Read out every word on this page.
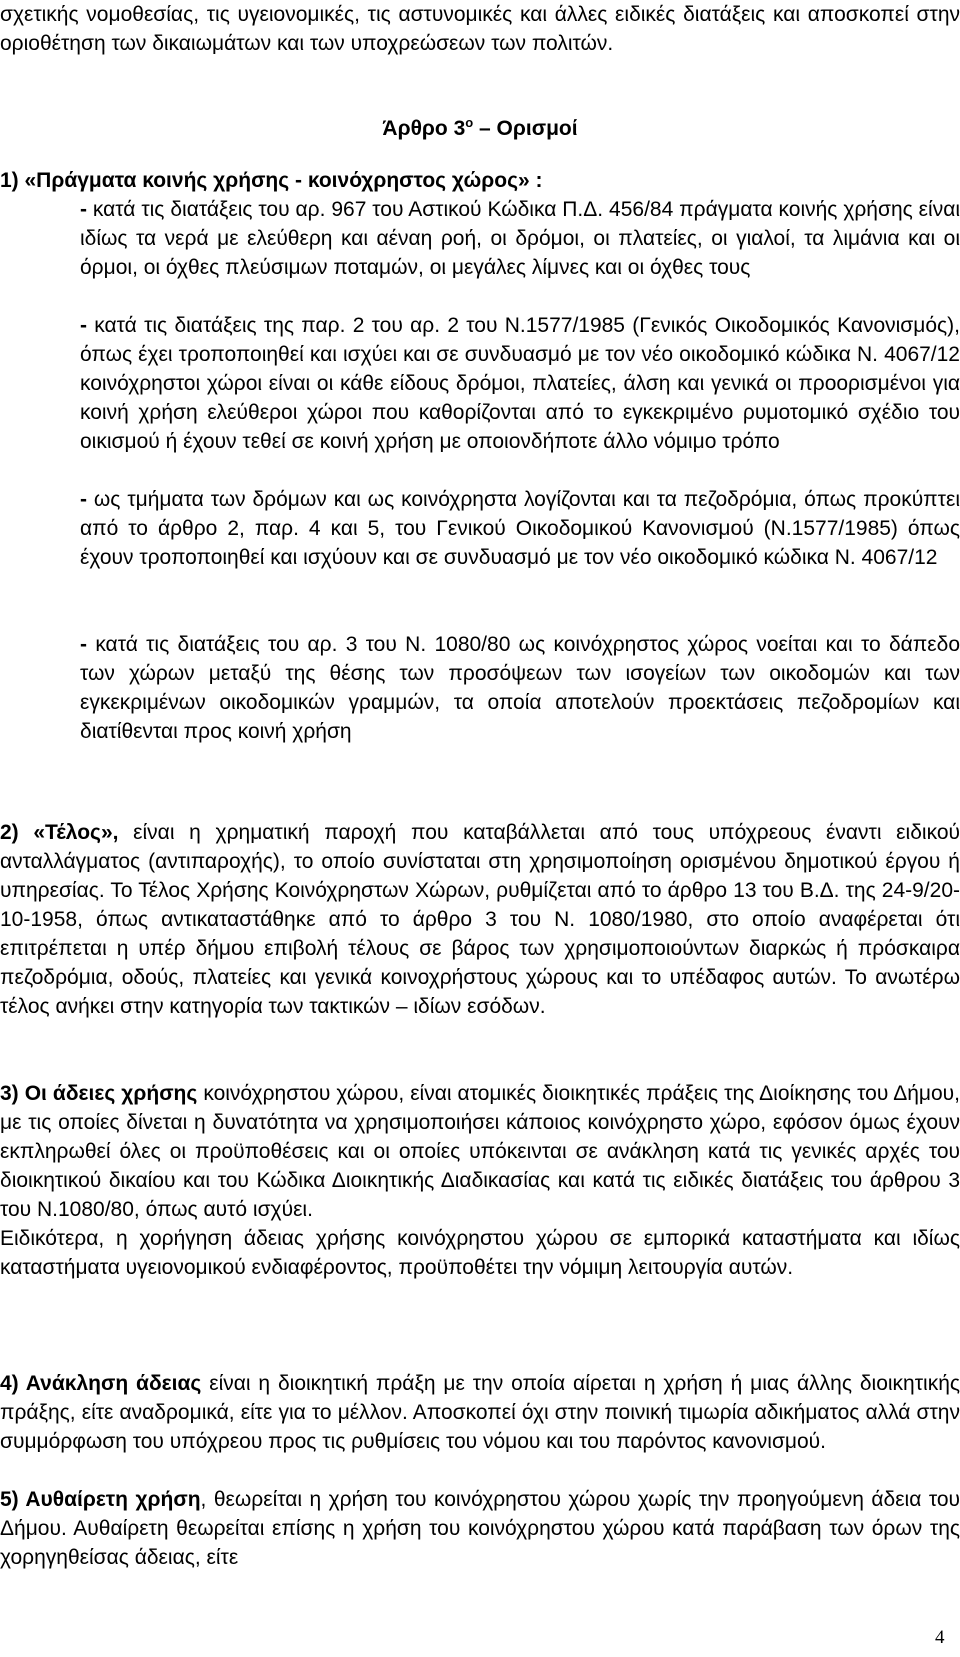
σχετικής νομοθεσίας, τις υγειονομικές, τις αστυνομικές και άλλες ειδικές διατάξεις και αποσκοπεί στην οριοθέτηση των δικαιωμάτων και των υποχρεώσεων των πολιτών.

Άρθρο $3^o$ – Ορισμοί

1) «Πράγματα κοινής χρήσης - κοινόχρηστος χώρος» :

- κατά τις διατάξεις του αρ. 967 του Αστικού Κώδικα Π.Δ. 456/84 πράγματα κοινής χρήσης είναι ιδίως τα νερά με ελεύθερη και αέναη ροή, οι δρόμοι, οι πλατείες, οι γιαλοί, τα λιμάνια και οι όρμοι, οι όχθες πλεύσιμων ποταμών, οι μεγάλες λίμνες και οι όχθες τους

- κατά τις διατάξεις της παρ. 2 του αρ. 2 του Ν.1577/1985 (Γενικός Οικοδομικός Κανονισμός), όπως έχει τροποποιηθεί και ισχύει και σε συνδυασμό με τον νέο οικοδομικό κώδικα Ν. 4067/12 κοινόχρηστοι χώροι είναι οι κάθε είδους δρόμοι, πλατείες, άλση και γενικά οι προορισμένοι για κοινή χρήση ελεύθεροι χώροι που καθορίζονται από το εγκεκριμένο ρυμοτομικό σχέδιο του οικισμού ή έχουν τεθεί σε κοινή χρήση με οποιονδήποτε άλλο νόμιμο τρόπο

- ως τμήματα των δρόμων και ως κοινόχρηστα λογίζονται και τα πεζοδρόμια, όπως προκύπτει από το άρθρο 2, παρ. 4 και 5, του Γενικού Οικοδομικού Κανονισμού (Ν.1577/1985) όπως έχουν τροποποιηθεί και ισχύουν και σε συνδυασμό με τον νέο οικοδομικό κώδικα Ν. 4067/12

- κατά τις διατάξεις του αρ. 3 του Ν. 1080/80 ως κοινόχρηστος χώρος νοείται και το δάπεδο των χώρων μεταξύ της θέσης των προσόψεων των ισογείων των οικοδομών και των εγκεκριμένων οικοδομικών γραμμών, τα οποία αποτελούν προεκτάσεις πεζοδρομίων και διατίθενται προς κοινή χρήση

2) «Τέλος», είναι η χρηματική παροχή που καταβάλλεται από τους υπόχρεους έναντι ειδικού ανταλλάγματος (αντιπαροχής), το οποίο συνίσταται στη χρησιμοποίηση ορισμένου δημοτικού έργου ή υπηρεσίας. Το Τέλος Χρήσης Κοινόχρηστων Χώρων, ρυθμίζεται από το άρθρο 13 του Β.Δ. της 24-9/20-10-1958, όπως αντικαταστάθηκε από το άρθρο 3 του Ν. 1080/1980, στο οποίο αναφέρεται ότι επιτρέπεται η υπέρ δήμου επιβολή τέλους σε βάρος των χρησιμοποιούντων διαρκώς ή πρόσκαιρα πεζοδρόμια, οδούς, πλατείες και γενικά κοινοχρήστους χώρους και το υπέδαφος αυτών. Το ανωτέρω τέλος ανήκει στην κατηγορία των τακτικών – ιδίων εσόδων.

3) Οι άδειες χρήσης κοινόχρηστου χώρου, είναι ατομικές διοικητικές πράξεις της Διοίκησης του Δήμου, με τις οποίες δίνεται η δυνατότητα να χρησιμοποιήσει κάποιος κοινόχρηστο χώρο, εφόσον όμως έχουν εκπληρωθεί όλες οι προϋποθέσεις και οι οποίες υπόκεινται σε ανάκληση κατά τις γενικές αρχές του διοικητικού δικαίου και του Κώδικα Διοικητικής Διαδικασίας και κατά τις ειδικές διατάξεις του άρθρου 3 του Ν.1080/80, όπως αυτό ισχύει.

Ειδικότερα, η χορήγηση άδειας χρήσης κοινόχρηστου χώρου σε εμπορικά καταστήματα και ιδίως καταστήματα υγειονομικού ενδιαφέροντος, προϋποθέτει την νόμιμη λειτουργία αυτών.

4) Ανάκληση άδειας είναι η διοικητική πράξη με την οποία αίρεται η χρήση ή μιας άλλης διοικητικής πράξης, είτε αναδρομικά, είτε για το μέλλον. Αποσκοπεί όχι στην ποινική τιμωρία αδικήματος αλλά στην συμμόρφωση του υπόχρεου προς τις ρυθμίσεις του νόμου και του παρόντος κανονισμού.

5) Αυθαίρετη χρήση, θεωρείται η χρήση του κοινόχρηστου χώρου χωρίς την προηγούμενη άδεια του Δήμου. Αυθαίρετη θεωρείται επίσης η χρήση του κοινόχρηστου χώρου κατά παράβαση των όρων της χορηγηθείσας άδειας, είτε

4
